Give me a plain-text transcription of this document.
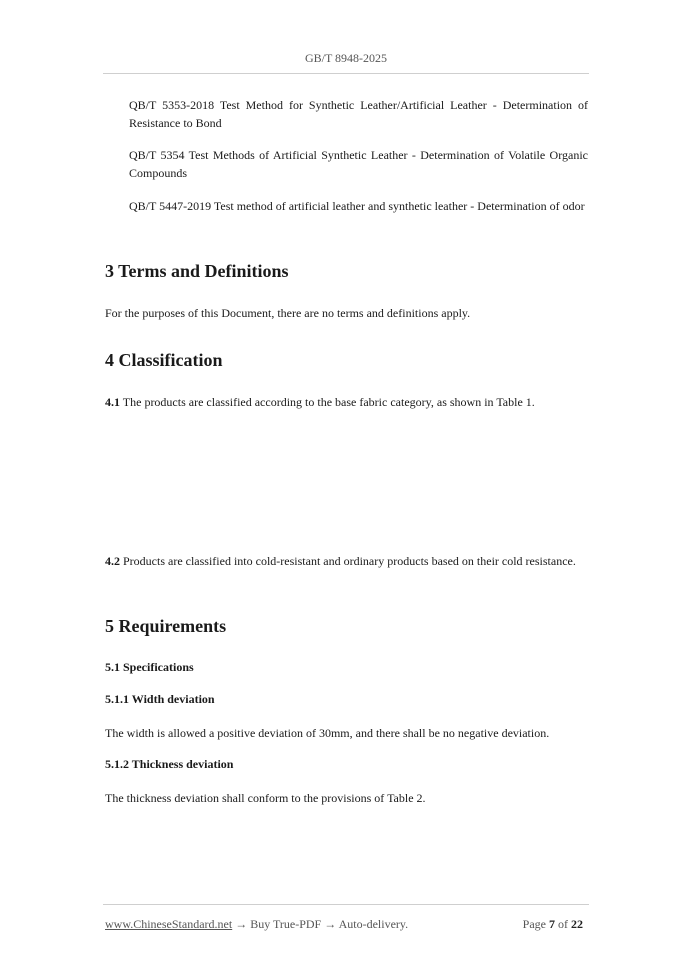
GB/T 8948-2025
QB/T 5353-2018 Test Method for Synthetic Leather/Artificial Leather - Determination of Resistance to Bond
QB/T 5354 Test Methods of Artificial Synthetic Leather - Determination of Volatile Organic Compounds
QB/T 5447-2019 Test method of artificial leather and synthetic leather - Determination of odor
3 Terms and Definitions
For the purposes of this Document, there are no terms and definitions apply.
4 Classification
4.1 The products are classified according to the base fabric category, as shown in Table 1.
4.2 Products are classified into cold-resistant and ordinary products based on their cold resistance.
5 Requirements
5.1 Specifications
5.1.1 Width deviation
The width is allowed a positive deviation of 30mm, and there shall be no negative deviation.
5.1.2 Thickness deviation
The thickness deviation shall conform to the provisions of Table 2.
www.ChineseStandard.net → Buy True-PDF → Auto-delivery.	Page 7 of 22
